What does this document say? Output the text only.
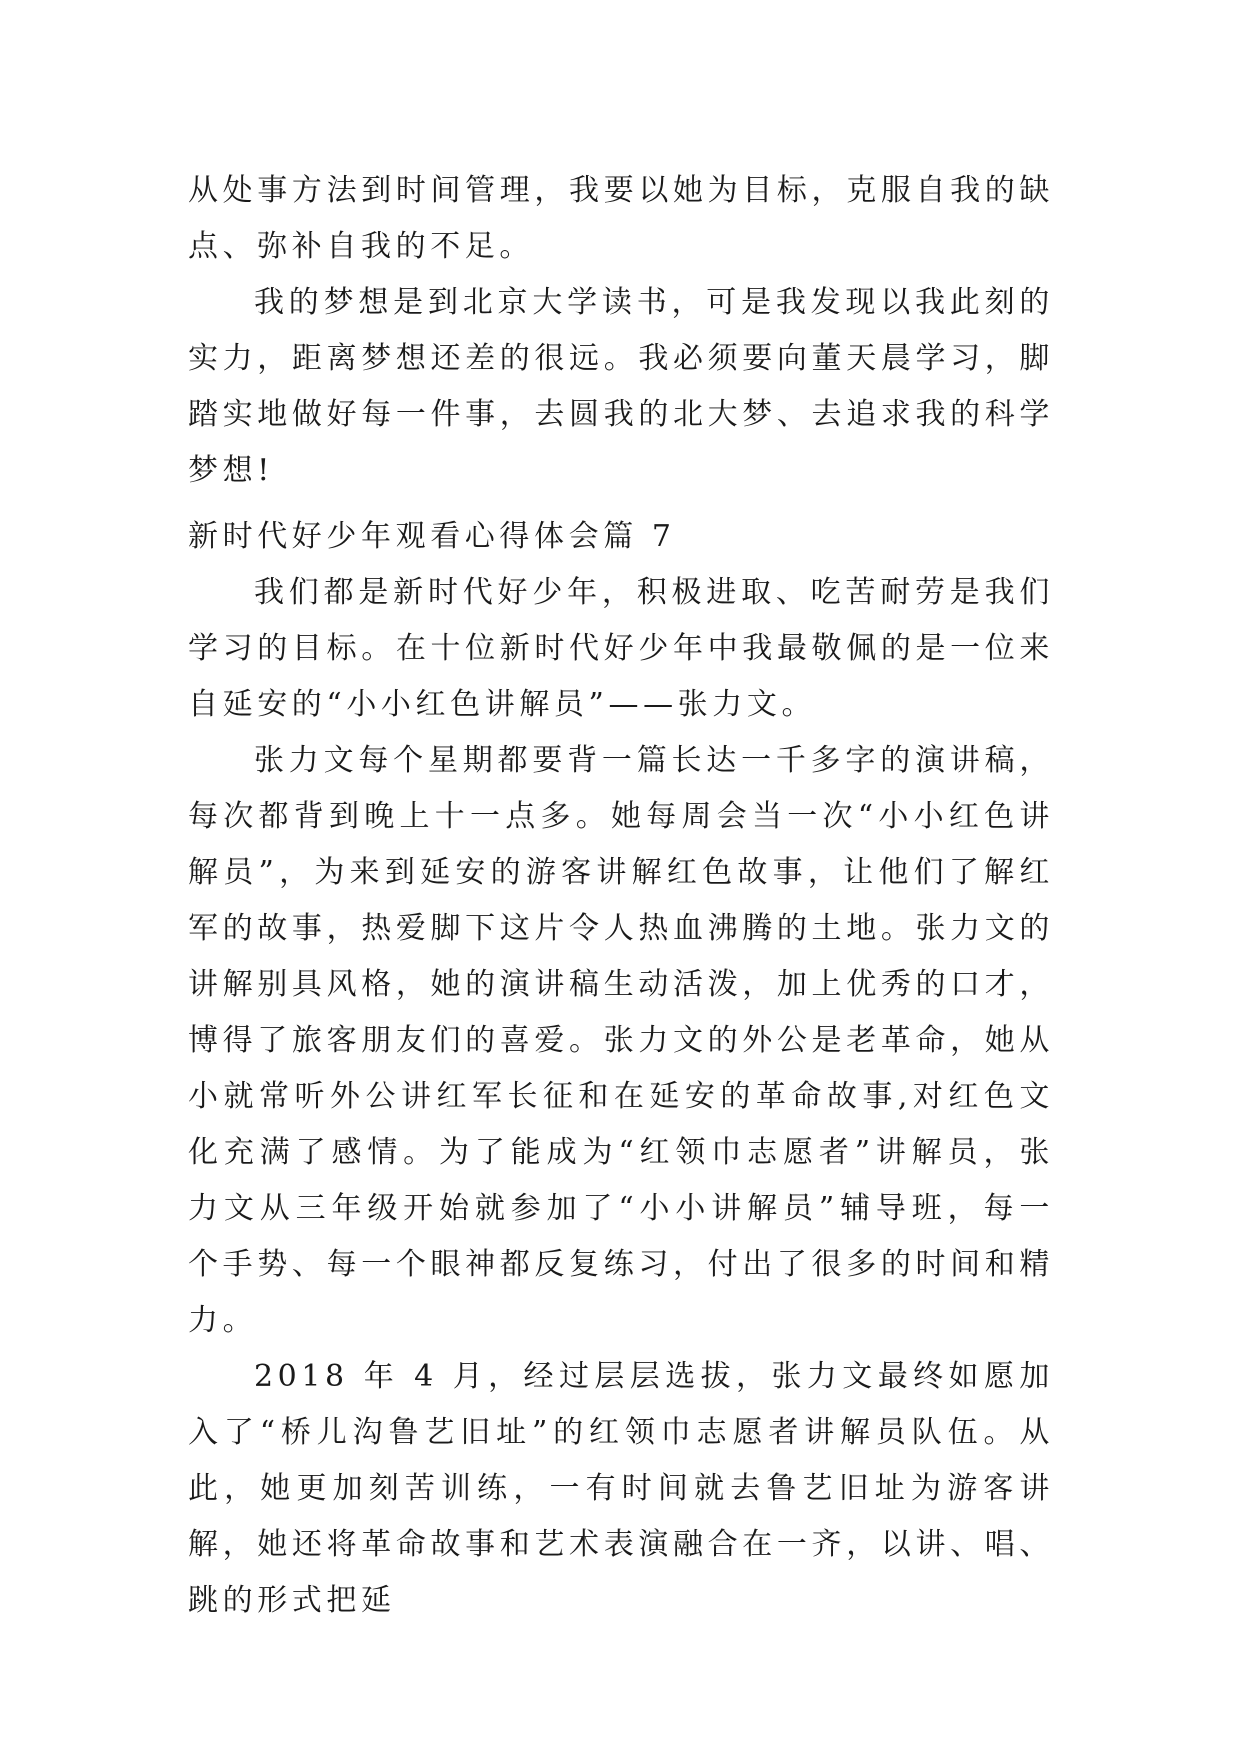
从处事方法到时间管理，我要以她为目标，克服自我的缺点、弥补自我的不足。

我的梦想是到北京大学读书，可是我发现以我此刻的实力，距离梦想还差的很远。我必须要向董天晨学习，脚踏实地做好每一件事，去圆我的北大梦、去追求我的科学梦想!

新时代好少年观看心得体会篇 7

我们都是新时代好少年，积极进取、吃苦耐劳是我们学习的目标。在十位新时代好少年中我最敬佩的是一位来自延安的“小小红色讲解员”——张力文。

张力文每个星期都要背一篇长达一千多字的演讲稿，每次都背到晚上十一点多。她每周会当一次“小小红色讲解员”，为来到延安的游客讲解红色故事，让他们了解红军的故事，热爱脚下这片令人热血沸腾的土地。张力文的讲解别具风格，她的演讲稿生动活泼，加上优秀的口才，博得了旅客朋友们的喜爱。张力文的外公是老革命，她从小就常听外公讲红军长征和在延安的革命故事,对红色文化充满了感情。为了能成为“红领巾志愿者”讲解员，张力文从三年级开始就参加了“小小讲解员”辅导班，每一个手势、每一个眼神都反复练习，付出了很多的时间和精力。

2018 年 4 月，经过层层选拔，张力文最终如愿加入了“桥儿沟鲁艺旧址”的红领巾志愿者讲解员队伍。从此，她更加刻苦训练，一有时间就去鲁艺旧址为游客讲解，她还将革命故事和艺术表演融合在一齐，以讲、唱、跳的形式把延
